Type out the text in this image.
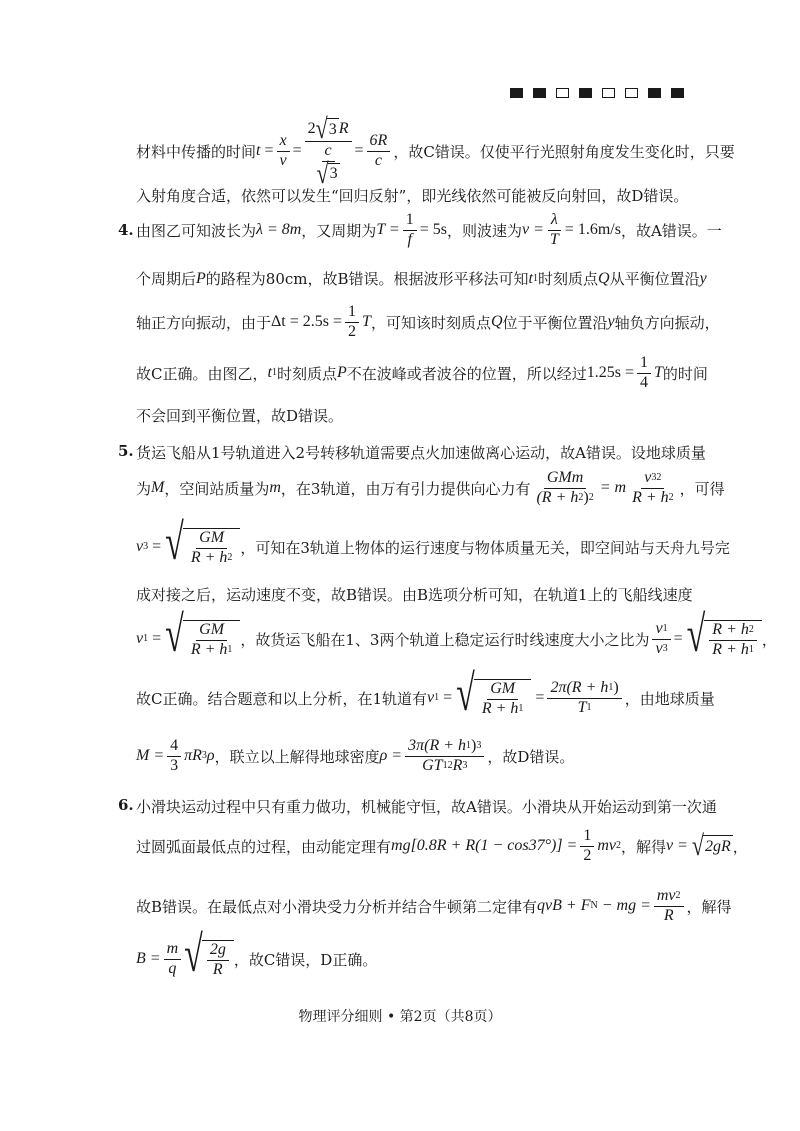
材料中传播的时间 $t = \frac{x}{v} = \frac{2 √ 3 R}{\frac{c}{√ 3}} = \frac{6R}{c}$ ，故C错误。仅使平行光照射角度发生变化时，只要
入射角度合适，依然可以发生“回归反射”，即光线依然可能被反向射回，故D错误。
4. 由图乙可知波长为 λ = 8m ，又周期为 $T = \frac{1}{f} = 5s$ ，则波速为 $v = \frac{\lambda}{T} = 1.6m/s$ ，故A错误。一
个周期后 P 的路程为80cm，故B错误。根据波形平移法可知 t 1 时刻质点 Q 从平衡位置沿 y
轴正方向振动，由于 $\Delta t = 2.5s = \frac{1}{2}$ T ，可知该时刻质点 Q 位于平衡位置沿 y 轴负方向振动，
故C正确。由图乙， t 1 时刻质点 P 不在波峰或者波谷的位置，所以经过 $1.25s = \frac{1}{4}$ T 的时间
不会回到平衡位置，故D错误。
5. 货运飞船从1号轨道进入2号转移轨道需要点火加速做离心运动，故A错误。设地球质量
为 M ，空间站质量为 m ，在3轨道，由万有引力提供向心力有
GMm
(R + h 2 ) 2
= m $\frac{v 3 2}{R + h 2}$ ，可得
v 3 = √ $\frac{GM}{R + h 2}$ ，可知在3轨道上物体的运行速度与物体质量无关，即空间站与天舟九号完
成对接之后，运动速度不变，故B错误。由B选项分析可知，在轨道1上的飞船线速度
v 1 = √ $\frac{GM}{R + h 1}$ ，故货运飞船在1、3两个轨道上稳定运行时线速度大小之比为 $\frac{v 1}{v 3}$ = √ $\frac{R + h 2}{R + h 1}$ ，
故C正确。结合题意和以上分析，在1轨道有 v 1 = √ $\frac{GM}{R + h 1} = \frac{2\pi(R + h 1 )}{T 1}$ ，由地球质量
$M = \frac{4}{3}$ πR 3 ρ ，联立以上解得地球密度 $\rho = \frac{3\pi(R + h 1 ) 3}{GT 1 2 R 3}$ ，故D错误。
6. 小滑块运动过程中只有重力做功，机械能守恒，故A错误。小滑块从开始运动到第一次通
过圆弧面最低点的过程，由动能定理有 $mg[0.8R + R(1 - \cos 37^\circ)] = \frac{1}{2}$ mv 2 ，解得 v =
√ 2gR ，
故B错误。在最低点对小滑块受力分析并结合牛顿第二定律有 qvB + F N
− mg = $\frac{mv 2}{R}$ ，解得
$B = \frac{m}{q}$ √ $\frac{2g}{R}$ ，故C错误，D正确。
物理评分细则 • 第2页（共8页）
